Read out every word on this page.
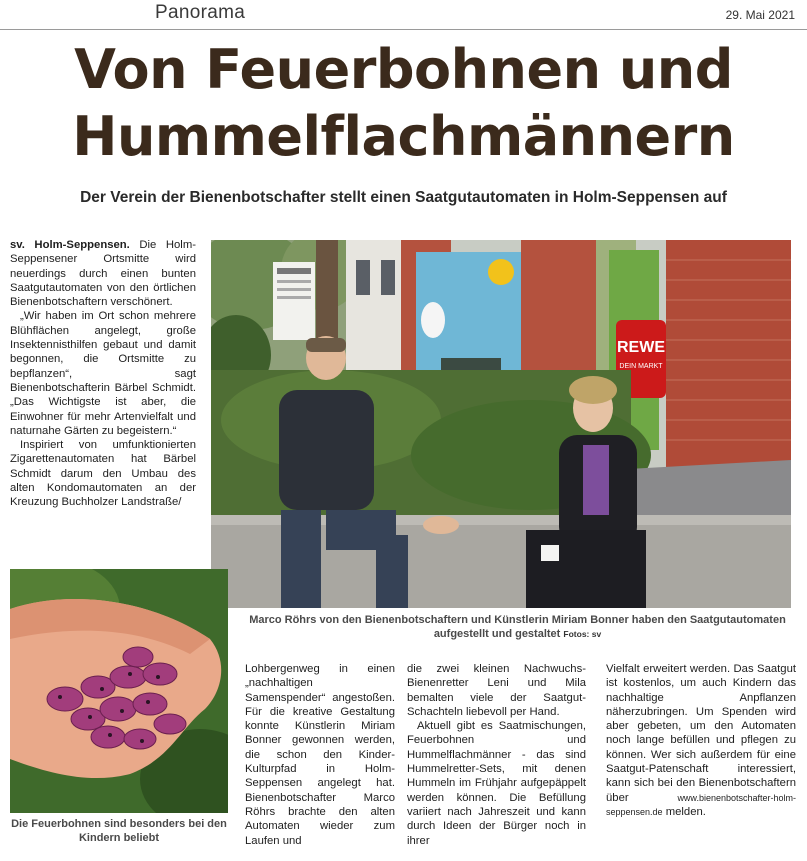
Panorama	29. Mai 2021
Von Feuerbohnen und
Hummelflachmännern
Der Verein der Bienenbotschafter stellt einen Saatgutautomaten in Holm-Seppensen auf

sv. Holm-Seppensen. Die Holm-Seppensener Ortsmitte wird neuerdings durch einen bunten Saatgutautomaten von den örtlichen Bienenbotschaftern verschönert.

„Wir haben im Ort schon mehrere Blühflächen angelegt, große Insektennisthilfen gebaut und damit begonnen, die Ortsmitte zu bepflanzen“, sagt Bienenbotschafterin Bärbel Schmidt. „Das Wichtigste ist aber, die Einwohner für mehr Artenvielfalt und naturnahe Gärten zu begeistern.“

Inspiriert von umfunktionierten Zigarettenautomaten hat Bärbel Schmidt darum den Umbau des alten Kondomautomaten an der Kreuzung Buchholzer Landstraße/

REWE
DEIN MARKT
Marco Röhrs von den Bienenbotschaftern und Künstlerin Miriam Bonner haben den Saatgutautomaten aufgestellt und gestaltet Fotos: sv
Die Feuerbohnen sind besonders bei den Kindern beliebt

Lohbergenweg in einen „nachhaltigen Samenspender“ angestoßen. Für die kreative Gestaltung konnte Künstlerin Miriam Bonner gewonnen werden, die schon den Kinder-Kulturpfad in Holm-Seppensen angelegt hat. Bienenbotschafter Marco Röhrs brachte den alten Automaten wieder zum Laufen und

die zwei kleinen Nachwuchs-Bienenretter Leni und Mila bemalten viele der Saatgut-Schachteln liebevoll per Hand.

Aktuell gibt es Saatmischungen, Feuerbohnen und Hummelflachmänner - das sind Hummelretter-Sets, mit denen Hummeln im Frühjahr aufgepäppelt werden können. Die Befüllung variiert nach Jahreszeit und kann durch Ideen der Bürger noch in ihrer

Vielfalt erweitert werden. Das Saatgut ist kostenlos, um auch Kindern das nachhaltige Anpflanzen näherzubringen. Um Spenden wird aber gebeten, um den Automaten noch lange befüllen und pflegen zu können. Wer sich außerdem für eine Saatgut-Patenschaft interessiert, kann sich bei den Bienenbotschaftern über	www.bienenbotschafter-holm-seppensen.de melden.
